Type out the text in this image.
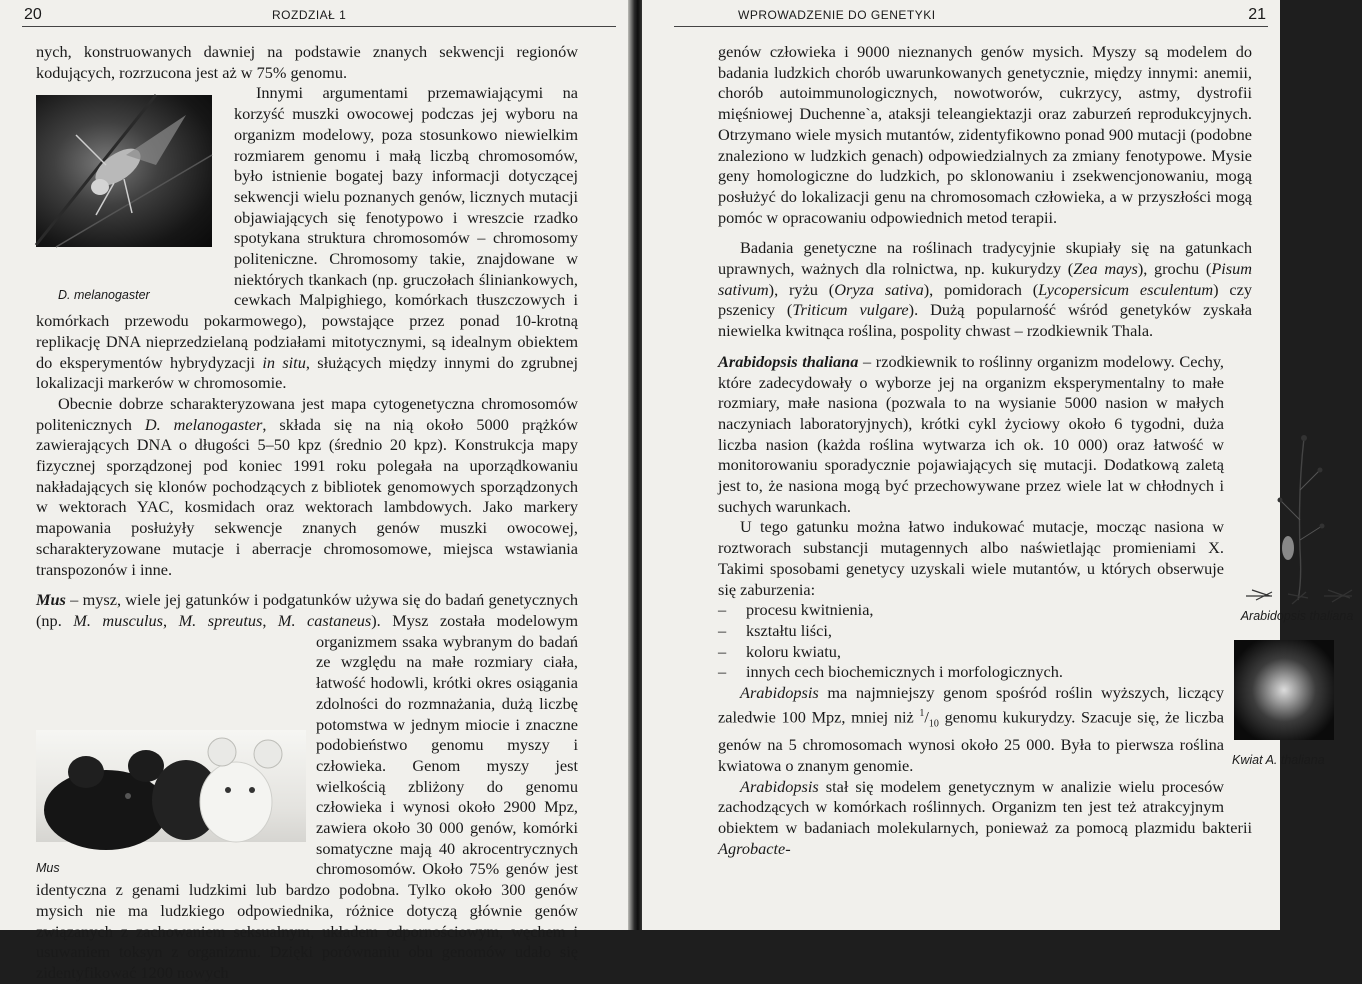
20	ROZDZIAŁ 1

nych, konstruowanych dawniej na podstawie znanych sekwencji regionów kodujących, rozrzucona jest aż w 75% genomu.

D. melanogaster
Innymi argumentami przemawiającymi na korzyść muszki owocowej podczas jej wyboru na organizm modelowy, poza stosunkowo niewielkim rozmiarem genomu i małą liczbą chromosomów, było istnienie bogatej bazy informacji dotyczącej sekwencji wielu poznanych genów, licznych mutacji objawiających się fenotypowo i wreszcie rzadko spotykana struktura chromosomów – chromosomy politeniczne. Chromosomy takie, znajdowane w niektórych tkankach (np. gruczołach śliniankowych, cewkach Malpighiego, komórkach tłuszczowych i komórkach przewodu pokarmowego), powstające przez ponad 10-krotną replikację DNA nieprzedzielaną podziałami mitotycznymi, są idealnym obiektem do eksperymentów hybrydyzacji in situ, służących między innymi do zgrubnej lokalizacji markerów w chromosomie.

Obecnie dobrze scharakteryzowana jest mapa cytogenetyczna chromosomów politenicznych D. melanogaster, składa się na nią około 5000 prążków zawierających DNA o długości 5–50 kpz (średnio 20 kpz). Konstrukcja mapy fizycznej sporządzonej pod koniec 1991 roku polegała na uporządkowaniu nakładających się klonów pochodzących z bibliotek genomowych sporządzonych w wektorach YAC, kosmidach oraz wektorach lambdowych. Jako markery mapowania posłużyły sekwencje znanych genów muszki owocowej, scharakteryzowane mutacje i aberracje chromosomowe, miejsca wstawiania transpozonów i inne.

Mus – mysz, wiele jej gatunków i podgatunków używa się do badań genetycznych (np. M. musculus, M. spreutus, M. castaneus
Mus
). Mysz została modelowym organizmem ssaka wybranym do badań ze względu na małe rozmiary ciała, łatwość hodowli, krótki okres osiągania zdolności do rozmnażania, dużą liczbę potomstwa w jednym miocie i znaczne podobieństwo genomu myszy i człowieka. Genom myszy jest wielkością zbliżony do genomu człowieka i wynosi około 2900 Mpz, zawiera około 30 000 genów, komórki somatyczne mają 40 akrocentrycznych chromosomów. Około 75% genów jest identyczna z genami ludzkimi lub bardzo podobna. Tylko około 300 genów mysich nie ma ludzkiego odpowiednika, różnice dotyczą głównie genów związanych z zachowaniem seksualnym, układem odpornościowym, węchem i usuwaniem toksyn z organizmu. Dzięki porównaniu obu genomów udało się zidentyfikować 1200 nowych

WPROWADZENIE DO GENETYKI	21

genów człowieka i 9000 nieznanych genów mysich. Myszy są modelem do badania ludzkich chorób uwarunkowanych genetycznie, między innymi: anemii, chorób autoimmunologicznych, nowotworów, cukrzycy, astmy, dystrofii mięśniowej Duchenne`a, ataksji teleangiektazji oraz zaburzeń reprodukcyjnych. Otrzymano wiele mysich mutantów, zidentyfikowno ponad 900 mutacji (podobne znaleziono w ludzkich genach) odpowiedzialnych za zmiany fenotypowe. Mysie geny homologiczne do ludzkich, po sklonowaniu i zsekwencjonowaniu, mogą posłużyć do lokalizacji genu na chromosomach człowieka, a w przyszłości mogą pomóc w opracowaniu odpowiednich metod terapii.

Badania genetyczne na roślinach tradycyjnie skupiały się na gatunkach uprawnych, ważnych dla rolnictwa, np. kukurydzy (Zea mays), grochu (Pisum sativum), ryżu (Oryza sativa), pomidorach (Lycopersicum esculentum) czy pszenicy (Triticum vulgare). Dużą popularność wśród genetyków zyskała niewielka kwitnąca roślina, pospolity chwast – rzodkiewnik Thala.

Arabidopsis thaliana
Kwiat A. thaliana
Arabidopsis thaliana – rzodkiewnik to roślinny organizm modelowy. Cechy, które zadecydowały o wyborze jej na organizm eksperymentalny to małe rozmiary, małe nasiona (pozwala to na wysianie 5000 nasion w małych naczyniach laboratoryjnych), krótki cykl życiowy około 6 tygodni, duża liczba nasion (każda roślina wytwarza ich ok. 10 000) oraz łatwość w monitorowaniu sporadycznie pojawiających się mutacji. Dodatkową zaletą jest to, że nasiona mogą być przechowywane przez wiele lat w chłodnych i suchych warunkach.

U tego gatunku można łatwo indukować mutacje, mocząc nasiona w roztworach substancji mutagennych albo naświetlając promieniami X. Takimi sposobami genetycy uzyskali wiele mutantów, u których obserwuje się zaburzenia:

– procesu kwitnienia,
– kształtu liści,
– koloru kwiatu,
– innych cech biochemicznych i morfologicznych.

Arabidopsis ma najmniejszy genom spośród roślin wyższych, liczący zaledwie 100 Mpz, mniej niż $^1/_{10}$ genomu kukurydzy. Szacuje się, że liczba genów na 5 chromosomach wynosi około 25 000. Była to pierwsza roślina kwiatowa o znanym genomie.

Arabidopsis stał się modelem genetycznym w analizie wielu procesów zachodzących w komórkach roślinnych. Organizm ten jest też atrakcyjnym obiektem w badaniach molekularnych, ponieważ za pomocą plazmidu bakterii Agrobacte-
